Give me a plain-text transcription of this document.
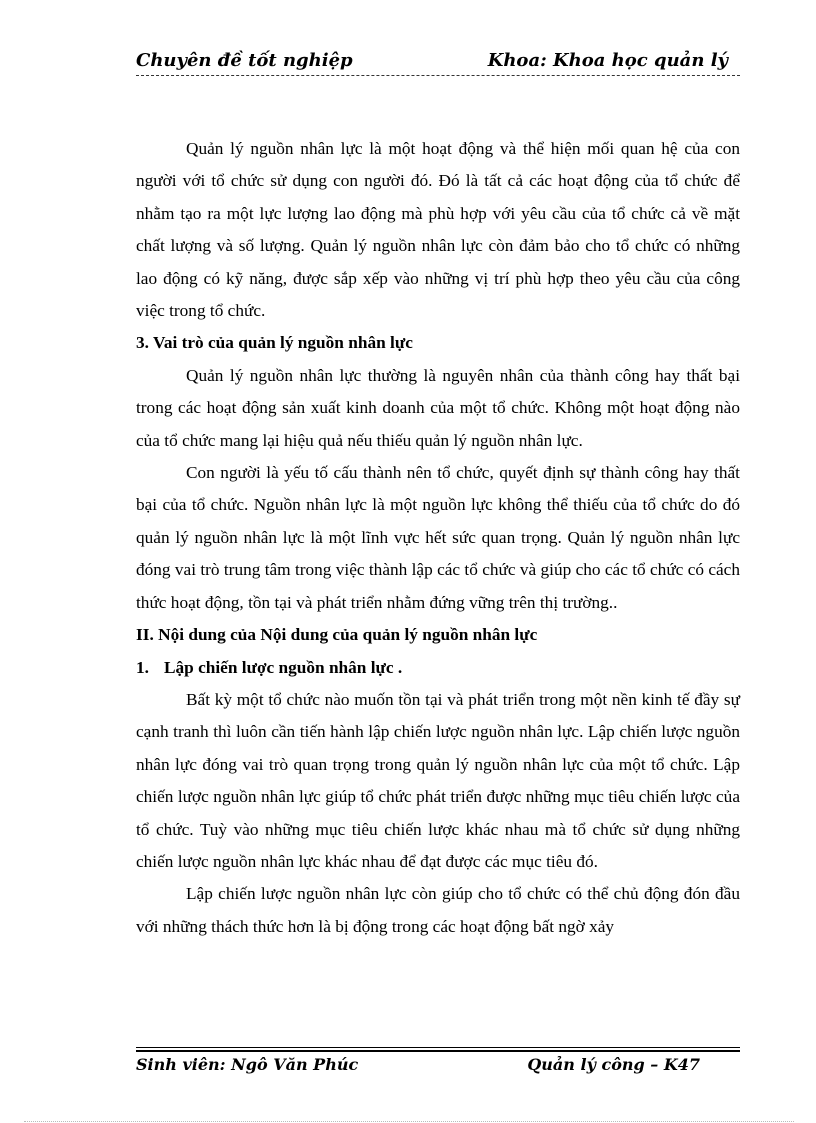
Chuyên đề tốt nghiệp	Khoa: Khoa học quản lý

Quản lý nguồn nhân lực là một hoạt động và thể hiện mối quan hệ của con người với tổ chức sử dụng con người đó. Đó là tất cả các hoạt động của tổ chức để nhằm tạo ra một lực lượng lao động mà phù hợp với yêu cầu của tổ chức cả về mặt chất lượng và số lượng. Quản lý nguồn nhân lực còn đảm bảo cho tổ chức có những lao động có kỹ năng, được sắp xếp vào những vị trí phù hợp theo yêu cầu của công việc trong tổ chức.

3. Vai trò của quản lý nguồn nhân lực

Quản lý nguồn nhân lực thường là nguyên nhân của thành công hay thất bại trong các hoạt động sản xuất kinh doanh của một tổ chức. Không một hoạt động nào của tổ chức mang lại hiệu quả nếu thiếu quản lý nguồn nhân lực.

Con người là yếu tố cấu thành nên tổ chức, quyết định sự thành công hay thất bại của tổ chức. Nguồn nhân lực là một nguồn lực không thể thiếu của tổ chức do đó quản lý nguồn nhân lực là một lĩnh vực hết sức quan trọng. Quản lý nguồn nhân lực đóng vai trò trung tâm trong việc thành lập các tổ chức và giúp cho các tổ chức có cách thức hoạt động, tồn tại và phát triển nhằm đứng vững trên thị trường..

II. Nội dung của Nội dung của quản lý nguồn nhân lực

1. Lập chiến lược nguồn nhân lực .

Bất kỳ một tổ chức nào muốn tồn tại và phát triển trong một nền kinh tế đầy sự cạnh tranh thì luôn cần tiến hành lập chiến lược nguồn nhân lực. Lập chiến lược nguồn nhân lực đóng vai trò quan trọng trong quản lý nguồn nhân lực của một tổ chức. Lập chiến lược nguồn nhân lực giúp tổ chức phát triển được những mục tiêu chiến lược của tổ chức. Tuỳ vào những mục tiêu chiến lược khác nhau mà tổ chức sử dụng những chiến lược nguồn nhân lực khác nhau để đạt được các mục tiêu đó.

Lập chiến lược nguồn nhân lực còn giúp cho tổ chức có thể chủ động đón đầu với những thách thức hơn là bị động trong các hoạt động bất ngờ xảy

Sinh viên: Ngô Văn Phúc	Quản lý công – K47
